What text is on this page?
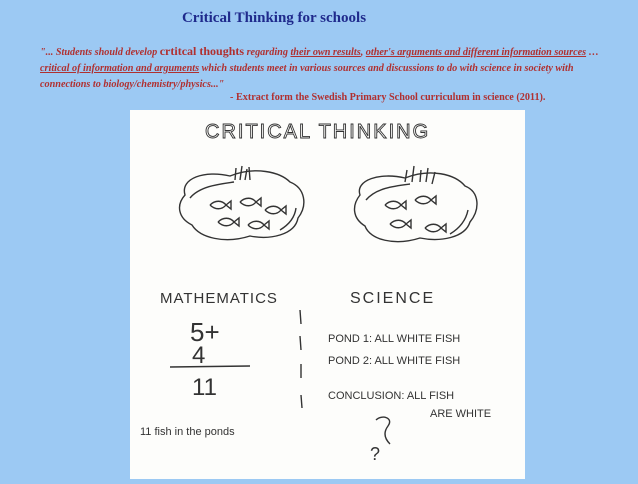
Critical Thinking for schools
"... Students should develop crtitcal thoughts regarding their own results, other's arguments and different information sources … critical of information and arguments which students meet in various sources and discussions to do with science in society with connections to biology/chemistry/physics..."
- Extract form the Swedish Primary School curriculum in science (2011).
CRITICAL THINKING
MATHEMATICS	SCIENCE
5+
4
11
11 fish in the ponds
POND 1: ALL WHITE FISH
POND 2: ALL WHITE FISH
CONCLUSION: ALL FISH
ARE WHITE
?
